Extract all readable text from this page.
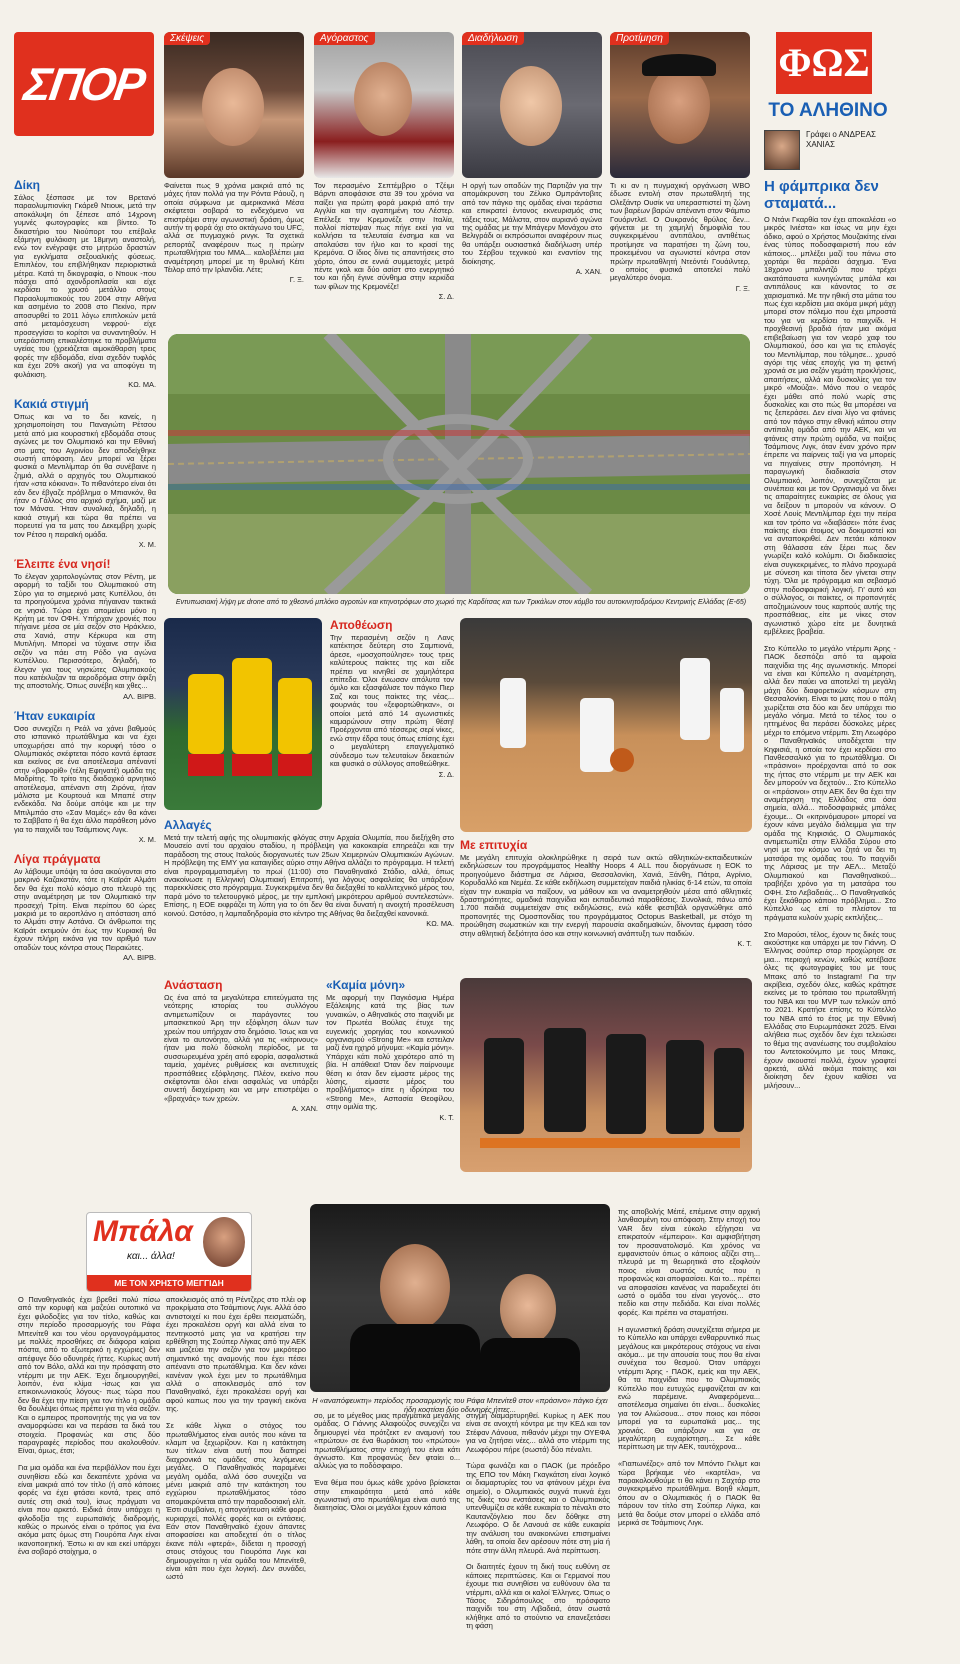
ΣΠΟΡ
Σκέψεις	Αγόραστος	Διαδήλωση	Προτίμηση
ΦΩΣ
ΤΟ ΑΛΗΘΙΝΟ
Γράφει ο ΑΝΔΡΕΑΣ ΧΑΝΙΑΣ

Φαίνεται πως 9 χρόνια μακριά από τις μάχες ήταν πολλά για την Ρόντα Ράουζι, η οποία σύμφωνα με αμερικανικά Μέσα σκέφτεται σοβαρά το ενδεχόμενο να επιστρέψει στην αγωνιστική δράση, όμως αυτήν τη φορά όχι στο οκτάγωνο του UFC, αλλά σε πυγμαχικό ρινγκ. Τα σχετικά ρεπορτάζ αναφέρουν πως η πρώην πρωταθλήτρια του MMA... καλοβλέπει μια αναμέτρηση μπορεί με τη θρυλική Κέιτι Τέιλορ από την Ιρλανδία. Λέτε;

Γ. Ξ.

Τον περασμένο Σεπτέμβριο ο Τζέιμι Βάρντι αποφάσισε στα 39 του χρόνια να παίξει για πρώτη φορά μακριά από την Αγγλία και την αγαπημένη του Λέστερ. Επέλεξε την Κρεμονέζε στην Ιταλία, πολλοί πίστεψαν πως πήγε εκεί για να κολλήσει τα τελευταία ένσημα και να απολαύσει τον ήλιο και το κρασί της Κρεμόνα. Ο ίδιος δίνει τις απαντήσεις στο χόρτο, όπου σε εννιά συμμετοχές μετρά πέντε γκολ και δύο ασίστ στο ενεργητικό του και ήδη έγινε σύνθημα στην κερκίδα των φίλων της Κρεμονέζε!

Σ. Δ.

Η οργή των οπαδών της Παρτιζάν για την απομάκρυνση του Ζέλικο Ομπράντοβιτς από τον πάγκο της ομάδας είναι τεράστια και επικρατεί έντονος εκνευρισμός στις τάξεις τους. Μάλιστα, στον αυριανό αγώνα της ομάδας με την Μπάγερν Μονάχου στο Βελιγράδι οι εκπρόσωποι αναφέρουν πως θα υπάρξει ουσιαστικά διαδήλωση υπέρ του Σέρβου τεχνικού και εναντίον της διοίκησης.

Α. ΧΑΝ.

Τι κι αν η πυγμαχική οργάνωση WBO έδωσε εντολή στον πρωταθλητή της Ολεξάντρ Ουσίκ να υπερασπιστεί τη ζώνη των βαρέων βαρών απέναντι στον Φάμπιο Γουόρντλεϊ. Ο Ουκρανός θρύλος δεν... φήνεται με τη χαμηλή δημοφιλία του συγκεκριμένου αντιπάλου, αντιθέτως προτίμησε να παρατήσει τη ζώνη του, προκειμένου να αγωνιστεί κόντρα στον πρώην πρωταθλητή Ντεόντέι Γουάιλντερ, ο οποίος φυσικά αποτελεί πολύ μεγαλύτερο όνομα.

Γ. Ξ.
Δίκη

Σάλος ξέσπασε με τον Βρετανό παραολυμπιονίκη Γκάρεθ Ντιουκ, μετά την αποκάλυψη ότι ξέπεσε από 14χρονη γυμνές φωτογραφίες και βίντεο. Το δικαστήριο του Νιούπορτ του επέβαλε εξάμηνη φυλάκιση με 18μηνη αναστολή, ενώ τον ενέγραψε στο μητρώο δραστών για εγκλήματα σεξουαλικής φύσεως. Επιπλέον, του επιβλήθηκαν περιοριστικά μέτρα. Κατά τη δικογραφία, ο Ντιουκ -που πάσχει από αχονδροπλασία και είχε κερδίσει το χρυσό μετάλλιο στους Παραολυμπιακούς του 2004 στην Αθήνα και ασημένιο το 2008 στο Πεκίνο, πριν αποσυρθεί το 2011 λόγω επιπλοκών μετά από μεταμόσχευση νεφρού- είχε προσεγγίσει το κορίτσι να συναντηθούν. Η υπεράσπιση επικαλέστηκε τα προβλήματα υγείας του (χρειάζεται αιμοκάθαρση τρεις φορές την εβδομάδα, είναι σχεδόν τυφλός και έχει 20% ακοή) για να αποφύγει τη φυλάκιση.

ΚΩ. ΜΑ.
Κακιά στιγμή

Όπως και να το δει κανείς, η χρησιμοποίηση του Παναγιώτη Ρέτσου μετά από μια κουραστική εβδομάδα στους αγώνες με τον Ολυμπιακό και την Εθνική στο ματς του Αγρινίου δεν αποδείχθηκε σωστή απόφαση. Δεν μπορεί να ξέρει φυσικά ο Μεντιλίμπαρ ότι θα συνέβαινε η ζημιά, αλλά ο αρχηγός του Ολυμπιακού ήταν «στα κόκκινα». Το πιθανότερο είναι ότι εάν δεν έβγαζε πρόβλημα ο Μπιανκόν, θα ήταν ο Γάλλος στο αρχικό σχήμα, μαζί με τον Μάνσα. Ήταν συνολικά, δηλαδή, η κακιά στιγμή και τώρα θα πρέπει να πορευτεί για τα ματς του Δεκεμβρη χωρίς τον Ρέτσο η πειραϊκή ομάδα.

Χ. Μ.
Έλειπε ένα νησί!

Το έλεγαν χαριτολογώντας στον Ρέντη, με αφορμή το ταξίδι του Ολυμπιακού στη Σύρο για το σημερινό ματς Κυπέλλου, ότι τα προηγούμενα χρόνια πήγαιναν τακτικά σε νησιά. Τώρα έχει απομείνει μόνο η Κρήτη με τον ΟΦΗ. Υπήρχαν χρονιές που πήγαινε μέσα σε μία σεζόν στο Ηράκλειο, στα Χανιά, στην Κέρκυρα και στη Μυτιλήνη. Μπορεί να τύχαινε στην ίδια σεζόν να πάει στη Ρόδο για αγώνα Κυπέλλου. Περισσότερο, δηλαδή, το έλεγαν για τους νησιώτες Ολυμπιακούς που κατέκλυζαν τα αεροδρόμια στην άφιξη της αποστολής. Όπως συνέβη και χθες...

ΑΛ. ΒΙΡΒ.
Ήταν ευκαιρία

Όσο συνεχίζει η Ρεάλ να χάνει βαθμούς στο ισπανικό πρωτάθλημα και να έχει υποχωρήσει από την κορυφή τόσο ο Ολυμπιακός σκέφτεται πόσο κοντά έφτασε και εκείνος σε ένα αποτέλεσμα απέναντί στην «βαφορίθ» (τέλη Εφηνατέ) ομάδα της Μαδρίτης. Το τρίτο της διαδοχικό αρνητικό αποτέλεσμα, απέναντι στη Ζιρόνα, ήταν μάλιστα με Κουρτουά και Μπαπέ στην ενδεκάδα. Να δούμε απόψε και με την Μπιλμπάο στο «Σαν Μαμές» εάν θα κάνει το Σαββατο ή θα έχει άλλο παράθεση μόνο για το παιχνίδι του Τσάμπιονς Λιγκ.

Χ. Μ.
Λίγα πράγματα

Αν λάβουμε υπόψη τα όσα ακούγονται στο μακρινό Καζακστάν, τότε η Καϊράτ Αλμάτι δεν θα έχει πολύ κόσμο στο πλευρό της στην αναμέτρηση με τον Ολυμπιακό την προσεχή Τρίτη. Είναι περίπου 60 ώρες μακριά με το αεροπλάνο η απόσταση από το Αλμάτι στην Αστάνα. Οι άνθρωποι της Καϊράτ εκτιμούν ότι έως την Κυριακή θα έχουν πλήρη εικόνα για τον αριθμό των οπαδών τους κόντρα στους Πειραιώτες.

ΑΛ. ΒΙΡΒ.
Η φάμπρικα δεν σταματά...

Ο Ντάνι Γκαρθία τον έχει αποκαλέσει «ο μικρός Ινιέστα» και ίσως να μην έχει άδικο, αφού ο Χρήστος Μουζακίτης είναι ένας τύπος ποδοσφαιριστή που εάν κάποιος... μπλέξει μαζί του πάνω στο χορτάρι θα περάσει άσχημα. Ένα 18χρονο μπαλιντζό που τρέχει ακατάπαυστα κυνηγώντας μπάλα και αντιπάλους και κάνοντας το σε χαρισματικά. Με την ηθική στα μάτια του πως έχει κερδίσει μια ακόμα μικρή μάχη μπορεί στον πόλεμο που έχει μπροστά του για να κερδίσει το παιχνίδι. Η προχθεσινή βραδιά ήταν μια ακόμα επιβεβαίωση για τον νεαρό χαφ του Ολυμπιακού, όσο και για τις επιλογές του Μεντιλίμπαρ, που τόλμησε... χρυσό αγόρι της νέας εποχής για τη φετινή χρονιά σε μια σεζόν γεμάτη προκλήσεις, απαιτήσεις, αλλά και δυσκολίες για τον μικρό «Μούζα». Μόνο που ο νεαρός έχει μάθει από πολύ νωρίς στις δυσκολίες και στο πώς θα μπορέσει να τις ξεπεράσει. Δεν είναι λίγο να φτάνεις από τον πάγκο στην εθνική κάπου στην αντίπαλη ομάδα από την ΑΕΚ, και να φτάνεις στην πρώτη ομάδα, να παίξεις Τσάμπιονς Λιγκ, όταν έναν χρόνο πριν έπρεπε να παίρνεις ταξί για να μπορείς να πηγαίνεις στην προπόνηση. Η παραγωγική διαδικασία στον Ολυμπιακό, λοιπόν, συνεχίζεται με συνέπεια και με τον Οργανισμό να δίνει τις απαραίτητες ευκαιρίες σε όλους για να δείξουν τι μπορούν να κάνουν. Ο Χοσέ Λουίς Μεντιλίμπαρ έχει την πείρα και τον τρόπο να «διαβάσει» πότε ένας παίκτης είναι έτοιμος να δοκιμαστεί και να ανταποκριθεί. Δεν πετάει κάποιον στη θάλασσα εάν ξέρει πως δεν γνωρίζει καλό κολύμπι. Οι διαδικασίες είναι συγκεκριμένες, το πλάνο προχωρά με σύνεση και τίποτα δεν γίνεται στην τύχη. Όλα με πρόγραμμα και σεβασμό στην ποδοσφαιρική λογική. Γι' αυτό και ο σύλλογος, οι παίκτες, οι προπονητές αποζημιώνουν τους καρπούς αυτής της προσπάθειας, είτε με νίκες στον αγωνιστικό χώρο είτε με δυνητικά εμβέλειες βραβεία.

Στο Κύπελλο το μεγάλο ντέρμπι Άρης - ΠΑΟΚ δεσπόζει από τα αμφοία παιχνίδια της 4ης αγωνιστικής. Μπορεί να είναι και Κύπελλο η αναμέτρηση, αλλά δεν παύει να αποτελεί τη μεγάλη μάχη δύο διαφορετικών κόσμων στη Θεσσαλονίκη. Είναι το ματς που ο πόλη χωρίζεται στα δύο και δεν υπάρχει πιο μεγάλο νόημα. Μετά το τέλος του ο ηττημένος θα περάσει δύσκολες μέρες μέχρι το επόμενο ντέρμπι. Στη Λεωφόρο ο Παναθηναϊκός υποδέχεται την Κηφισιά, η οποία τον έχει κερδίσει στο Πανθεσσαλικό για το πρωτάθλημα. Οι «πράσινοι» προέρχονται από το σοκ της ήττας στο ντέρμπι με την ΑΕΚ και δεν μπορούν να δεχτούν... Στο Κύπελλο οι «πράσινοι» στην ΑΕΚ δεν θα έχει την αναμέτρηση της Ελλάδος στα όσα σημεία, αλλά... ποδοσφαιρικές μπάλες έχουμε... Οι «κιτρινόμαυροι» μπορεί να έχουν κάνει μεγάλο διάλειμμα για την ομάδα της Κηφισιάς. Ο Ολυμπιακός αντιμετωπίζει στην Ελλάδα Σύρου στο νησί με τον κόσμο να ζητά να δει τη ματσάρα της ομάδας του. Το παιχνίδι της Λάρισας με την ΑΕΛ... Μεταξύ Ολυμπιακού και Παναθηναϊκού... τραβήξει χρόνο για τη ματσάρα του ΟΦΗ. Στο Λεβαδειάς... Ο Παναθηναϊκός έχει ξεκάθαρο κάποιο πρόβλημα... Στο Κύπελλο ως επί το πλείστον τα πράγματα κυλούν χωρίς εκπλήξεις...

Στο Μαρούσι, τέλος, έχουν τις δικές τους ακούστηκε και υπάρχει με τον Γιάννη. Ο Έλληνας σούπερ σταρ προχώρησε σε μια... περιοχή κενών, καθώς κατέβασε όλες τις φωτογραφίες του με τους Μπακς από το Instagram! Για την ακρίβεια, σχεδόν όλες, καθώς κράτησε εκείνες με το τρόπαιο του πρωταθλητή του NBA και του MVP των τελικών από το 2021. Κρατήσε επίσης το Κύπελλο του ΝΒΑ από το έτος με την Εθνική Ελλάδας στο Ευρωμπάσκετ 2025. Είναι αλήθεια πως σχεδόν δεν έχει τελειώσει το θέμα της ανανέωσης του συμβολαίου του Αντετοκούνμπο με τους Μπακς, έχουν ακουστεί πολλά, έχουν γραφτεί αρκετά, αλλά ακόμα παίκτης και διοίκηση δεν έχουν καθίσει να μιλήσουν...

Εντυπωσιακή λήψη με drone από το χθεσινό μπλόκο αγροτών και κτηνοτρόφων στο χωριό της Καρδίτσας και των Τρικάλων στον κόμβο του αυτοκινητοδρόμου Κεντρικής Ελλάδας (Ε-65)
Αποθέωση

Την περασμένη σεζόν η Λανς κατέκτησε δεύτερη στο Σαμπιονά, άρεσε, «μοσχοπούλησε» τους τρεις καλύτερους παίκτες της και είδε πρέπει να κινηθεί σε χαμηλότερα επίπεδα. Όλοι ένιωσαν απόλυτα τον όμιλο και εξασφάλισε τον πάγκο Πιερ Σαζ και τους παίκτες της νέας... φουρνιάς του «ξεφορτώθηκαν», οι οποίοι μετά από 14 αγωνιστικές καμαρώνουν στην πρώτη θέση! Προέρχονται από τέσσερις σερί νίκες, ενώ στην έδρα τους όπως επίσης έχει ο μεγαλύτερη επαγγελματικό σύνδεσμο των τελευταίων δεκαετιών και φυσικά ο σύλλογος αποθεώθηκε.

Σ. Δ.
Αλλαγές

Μετά την τελετή αφής της ολυμπιακής φλόγας στην Αρχαία Ολυμπία, που διεξήχθη στο Μουσείο αντί του αρχαίου σταδίου, η πρόβλεψη για κακοκαιρία επηρεάζει και την παράδοση της στους Ιταλούς διοργανωτές των 25ων Χειμερινών Ολυμπιακών Αγώνων. Η πρόβλεψη της ΕΜΥ για καταιγίδες αύριο στην Αθήνα αλλάζει το πρόγραμμα. Η τελετή είναι προγραμματισμένη το πρωί (11:00) στο Παναθηναϊκό Στάδιο, αλλά, όπως ανακοίνωσε η Ελληνική Ολυμπιακή Επιτροπή, για λόγους ασφαλείας θα υπάρξουν παρεκκλίσεις στο πρόγραμμα. Συγκεκριμένα δεν θα διεξαχθεί το καλλιτεχνικό μέρος του, παρά μόνο το τελετουργικό μέρος, με την εμπλοκή μικρότερου αριθμού συντελεστών». Επίσης, η ΕΟΕ εκφράζει τη λύπη για το ότι δεν θα είναι δυνατή η ανοιχτή προσέλευση κοινού. Ωστόσο, η λαμπαδηδρομία στο κέντρο της Αθήνας θα διεξαχθεί κανονικά.

ΚΩ. ΜΑ.
Με επιτυχία

Με μεγάλη επιτυχία ολοκληρώθηκε η σειρά των οκτώ αθλητικών-εκπαιδευτικών εκδηλώσεων του προγράμματος Healthy Hoops 4 ALL που διοργάνωσε η ΕΟΚ το προηγούμενο διάστημα σε Λάρισα, Θεσσαλονίκη, Χανιά, Ξάνθη, Πάτρα, Αγρίνιο, Κορυδαλλό και Νεμέα. Σε κάθε εκδήλωση συμμετείχαν παιδιά ηλικίας 6-14 ετών, τα οποία είχαν την ευκαιρία να παίξουν, να μάθουν και να αναμετρηθούν μέσα από αθλητικές δραστηριότητες, ομαδικά παιχνίδια και εκπαιδευτικά παραθέσεις. Συνολικά, πάνω από 1.700 παιδιά συμμετείχαν στις εκδηλώσεις, ενώ κάθε φεστιβάλ οργανώθηκε από προπονητές της Ομοσπονδίας του προγράμματος Octopus Basketball, με στόχο τη προώθηση σωματικών και την ενεργή παρουσία ακαδημαϊκών, δίνοντας έμφαση τόσο στην αθλητική δεξιότητα όσο και στην κοινωνική ανάπτυξη των παιδιών.

Κ. Τ.
Ανάσταση

Ως ένα από τα μεγαλύτερα επιτεύγματα της νεότερης ιστορίας του συλλόγου αντιμετωπίζουν οι παράγοντες του μπασκετικού Άρη την εξόφληση όλων των χρεών που υπήρχαν στο δημόσιο. Ίσως και να είναι το αυτονόητο, αλλά για τις «κίτρινους» ήταν μια πολύ δύσκολη περίοδος, με τα συσσωρευμένα χρέη από εφορία, ασφαλιστικά ταμεία, χαμένες ρυθμίσεις και ανεπιτυχείς προσπάθειες εξόφλησης. Πλέον, εκείνο που σκέφτονται όλοι είναι ασφαλώς να υπάρξει συνετή διαχείριση και να μην επιστρέψει ο «βραχνάς» των χρεών.

Α. ΧΑΝ.
«Καμία μόνη»

Με αφορμή την Παγκόσμια Ημέρα Εξάλειψης κατά της βίας των γυναικών, ο Αθηναϊκός στο παιχνίδι με τον Πρωτέα Βούλας έτυχε της ευγενικής χορηγίας του κοινωνικού οργανισμού «Strong Me» και εστειλαν μαζί ένα ηχηρό μήνυμα: «Καμία μόνη». Υπάρχει κάτι πολύ χειρότερο από τη βία. Η απάθεια! Όταν δεν παίρνουμε θέση κι όταν δεν είμαστε μέρος της λύσης, είμαστε μέρος του προβλήματος» είπε η ιδρύτρια του «Strong Me», Ασπασία Θεοφίλου, στην ομιλία της.

Κ. Τ.
Μπάλα
και... άλλα!
ΜΕ ΤΟΝ ΧΡΗΣΤΟ ΜΕΓΓΙΔΗ
Η «αναπόφευκτη» περίοδος προσαρμογής του Ράφα Μπενίτεθ στον «πράσινο» πάγκο έχει ήδη κοστίσει δύο οδυνηρές ήττες...

Ο Παναθηναϊκός έχει βρεθεί πολύ πίσω από την κορυφή και μαζεύει ουτοπικό να έχει φιλοδοξίες για τον τίτλο, καθώς και στην περίοδο προσαρμογής του Ράφα Μπενίτεθ και του νέου οργανογράμματος με πολλές προσθήκες σε διάφορα καίρια πόστα, από το εξωτερικό η εγχώριες) δεν απέφυγε δύο οδυνηρές ήττες. Κυρίως αυτή από τον Βόλο, αλλά και την πρόσφατη στο ντέρμπι με την ΑΕΚ. Έχει δημιουργηθεί, λοιπόν, ένα κλίμα -ίσως και για επικοινωνιακούς λόγους- πως τώρα που δεν θα έχει την πίεση για τον τίτλο η ομάδα θα δουλέψει όπως πρέπει για τη νέα σεζόν. Και ο εμπειρος προπονητής της για να τον αναμορφώσει και να περάσει τα δικά του στοιχεία. Προφανώς και στις δύο παραγραφές περίοδος που ακολουθούν. Είναι, όμως, έτσι;

Για μια ομάδα και ένα περιβάλλον που έχει συνηθίσει εδώ και δεκαπέντε χρόνια να είναι μακριά από τον τίτλο (ή από κάποιες φορές να έχει φτάσει κοντά, τρεις από αυτές στη σκιά του), ίσως πράγματι να είναι που αρκετό. Ειδικά όταν υπάρχει η φιλοδοξία της ευρωπαϊκής διαδρομής, καθώς ο πρωινός είναι ο τρόπος για ένα ακόμα ματς όμως στη Γιουρόπα Λιγκ είναι ικανοποιητική. Έστω κι αν και εκεί υπάρχει ένα σοβαρό στοίχημα, ο

αποκλεισμός από τη Ρέντζερς στο πλέι οφ προκρίματα στο Τσάμπιονς Λιγκ. Αλλά όσο αντιστοιχεί κι που έχει έρθει πεισματώδη, έχει προκαλέσει οργή και αλλά είναι το πεντηκοστό ματς για να κρατήσει την ερθέθηση της Σούπερ Λίγκας από την ΑΕΚ και μαζεύει την σεζόν για τον μικρότερο σημαντικό της αναμονής που έχει πέσει απέναντι στο πρωτάθλημα. Και δεν κάνει κανέναν γκολ έχει μεν το πρωτάθλημα αλλά ο αποκλεισμός από τον Παναθηναϊκό, έχει προκαλέσει οργή και αφού καπως που για την τραγική εικόνα της.

Σε κάθε λίγκα ο στόχος του πρωταθλήματος είναι αυτός που κάνει τα κλαμπ να ξεχωρίζουν. Και η κατάκτηση των τίτλων είναι αυτή που διατηρεί διαχρονικά τις ομάδες στις λεγόμενες μεγάλες. Ο Παναθηναϊκός παραμένει μεγάλη ομάδα, αλλά όσο συνεχίζει να μένει μακριά από την κατάκτηση του εγχώριου πρωταθλήματος τόσο απομακρύνεται από την παραδοσιακή ελίτ. Έστι συμβαίνει, η απογοήτευση κάθε φορά κυριαρχεί, πολλές φορές και οι εντάσεις. Εάν στον Παναθηναϊκό έχουν άπαντες αποφασίσει και αποδεχτεί ότι ο τίτλος έκανε πάλι «φτερά», δίδεται η προσοχή στους στόχους του Γιουρόπα Λιγκ και δημιουργείται η νέα ομάδα του Μπενίτεθ, είναι κάτι που έχει λογική. Δεν συνάδει, ωστό

σο, με το μέγεθος μιας πραγματικά μεγάλης ομάδας. Ο Γιάννης Αλαφούζος συνεχίζει να δημιουργεί νέα πρότζεκτ εν αναμονή του «πρώτου» σε ένα θωράκιση του «πρώτου» πρωταθλήματος στην εποχή του είναι κάτι άγνωστο. Και προφανώς δεν φταίει ο... αλλιώς για το ποδόσφαιρο.

Ένα θέμα που όμως κάθε χρόνο βρίσκεται στην επικαιρότητα μετά από κάθε αγωνιστική στο πρωτάθλημα είναι αυτό της διαιτησίας. Όλοι οι μεγάλοι έχουν κάποια

στιγμή διαμαρτυρηθεί. Κυρίως η ΑΕΚ που είναι σε ανοιχτή κόντρα με την ΚΕΔ και τον Στέφαν Λάνουα, πιθανόν μέχρι την ΟΥΕΦΑ για να ζητήσει νέες... αλλά στο ντέρμπι της Λεωφόρου πήρε (σωστά) δύο πέναλτι.

Τώρα φωνάζει και ο ΠΑΟΚ (με πρόεδρο της ΕΠΟ τον Μάκη Γκαγκάτση είναι λογικό οι διαμαρτυρίες του να φτάνουν μέχρι ένα σημείο), ο Ολυμπιακός συχνά πυκνά έχει τις δικές του ενστάσεις και ο Ολυμπιακός υπενθυμίζει σε κάθε ευκαιρία το πέναλτι στο Καυτανζόγλειο που δεν δόθηκε στη Λεωφόρο. Ο δε Λανουά σε κάθε ευκαιρία την ανάλυση του ανακοινώνει επισημαίνει λάθη, τα οποία δεν αρέσουν πότε στη μία ή πότε στην άλλη πλευρά. Ανά περίπτωση.

Οι διαιτητές έχουν τη δική τους ευθύνη σε κάποιες περιπτώσεις. Και οι Γερμανοί που έχουμε πια συνηθίσει να ευθύνουν όλα τα ντέρμπι, αλλά και οι καλοί Έλληνες. Όπως ο Τάσος Σιδηρόπουλος στο πρόσφατο παιχνίδι του στη Λιβαδειά, όταν σωστά κλήθηκε από το στούντιο να επανεξετάσει τη φάση

της αποβολής Μέιτέ, επέμεινε στην αρχική λανθασμένη του απόφαση. Στην εποχή του VAR δεν είναι εύκολο εξήγησει να επικρατούν «έμπειροι». Και αμφισβήτηση τον προσανατολισμό. Και χρόνος να εμφανιστούν όπως ο κάποιος αξίζει στη... πλευρά με τη θεωρητικά στο εξοφλούν ποιος είναι σωστός αυτός που η προφανώς και αποφασίσει. Και το... πρέπει να αποφασίσει κανένας να παραδεχτεί ότι ωστό ο ομάδα του είναι γεγονός... στο πεδίο και στην πεδιάδα. Και είναι πολλές φορές. Και πρέπει να σταματήσει.

Η αγωνιστική δράση συνεχίζεται σήμερα με το Κύπελλο και υπάρχει ενθαρρυντικό πως μεγάλους και μικρότερους στόχους να είναι ακόμα... με την απουσία τους που θα είναι συνέχεια του θεσμού. Όταν υπάρχει ντέρμπι Άρης - ΠΑΟΚ, εμείς και την ΑΕΚ, θα τα παιχνίδια που το Ολυμπιακός Κύπελλο που ευτυχώς εμφανίζεται αν και ενώ παρέμεινε. Αναφερόμενα... αποτέλεσμα σημαίνει ότι είναι... δυσκολίες για τον Αλιώσουα... στον ποιος και πόσοι μπορεί για τα ευρωπαϊκά μας... της χρονιάς. Θα υπάρξουν και για σε μεγαλύτερη ευχαρίστηση... Σε κάθε περίπτωση με την ΑΕΚ, ταυτόχρονα...

«Γιαπωνέζος» από τον Μπόντο Γκλιμτ και τώρα βρήκαμε νέο «καρτέλα», να παρακολουθούμε τι θα κάνει η Σαχτάρ στο συγκεκριμένο πρωτάθλημα. Βοηθ κλαμπ, όπου αν ο Ολυμπιακός ή ο ΠΑΟΚ θα πάρουν τον τίτλο στη Σούπερ Λίγκα, και μετά θα δούμε στον μπορεί ο ελλάδα από μερικά σε Τσάμπιονς Λιγκ.
